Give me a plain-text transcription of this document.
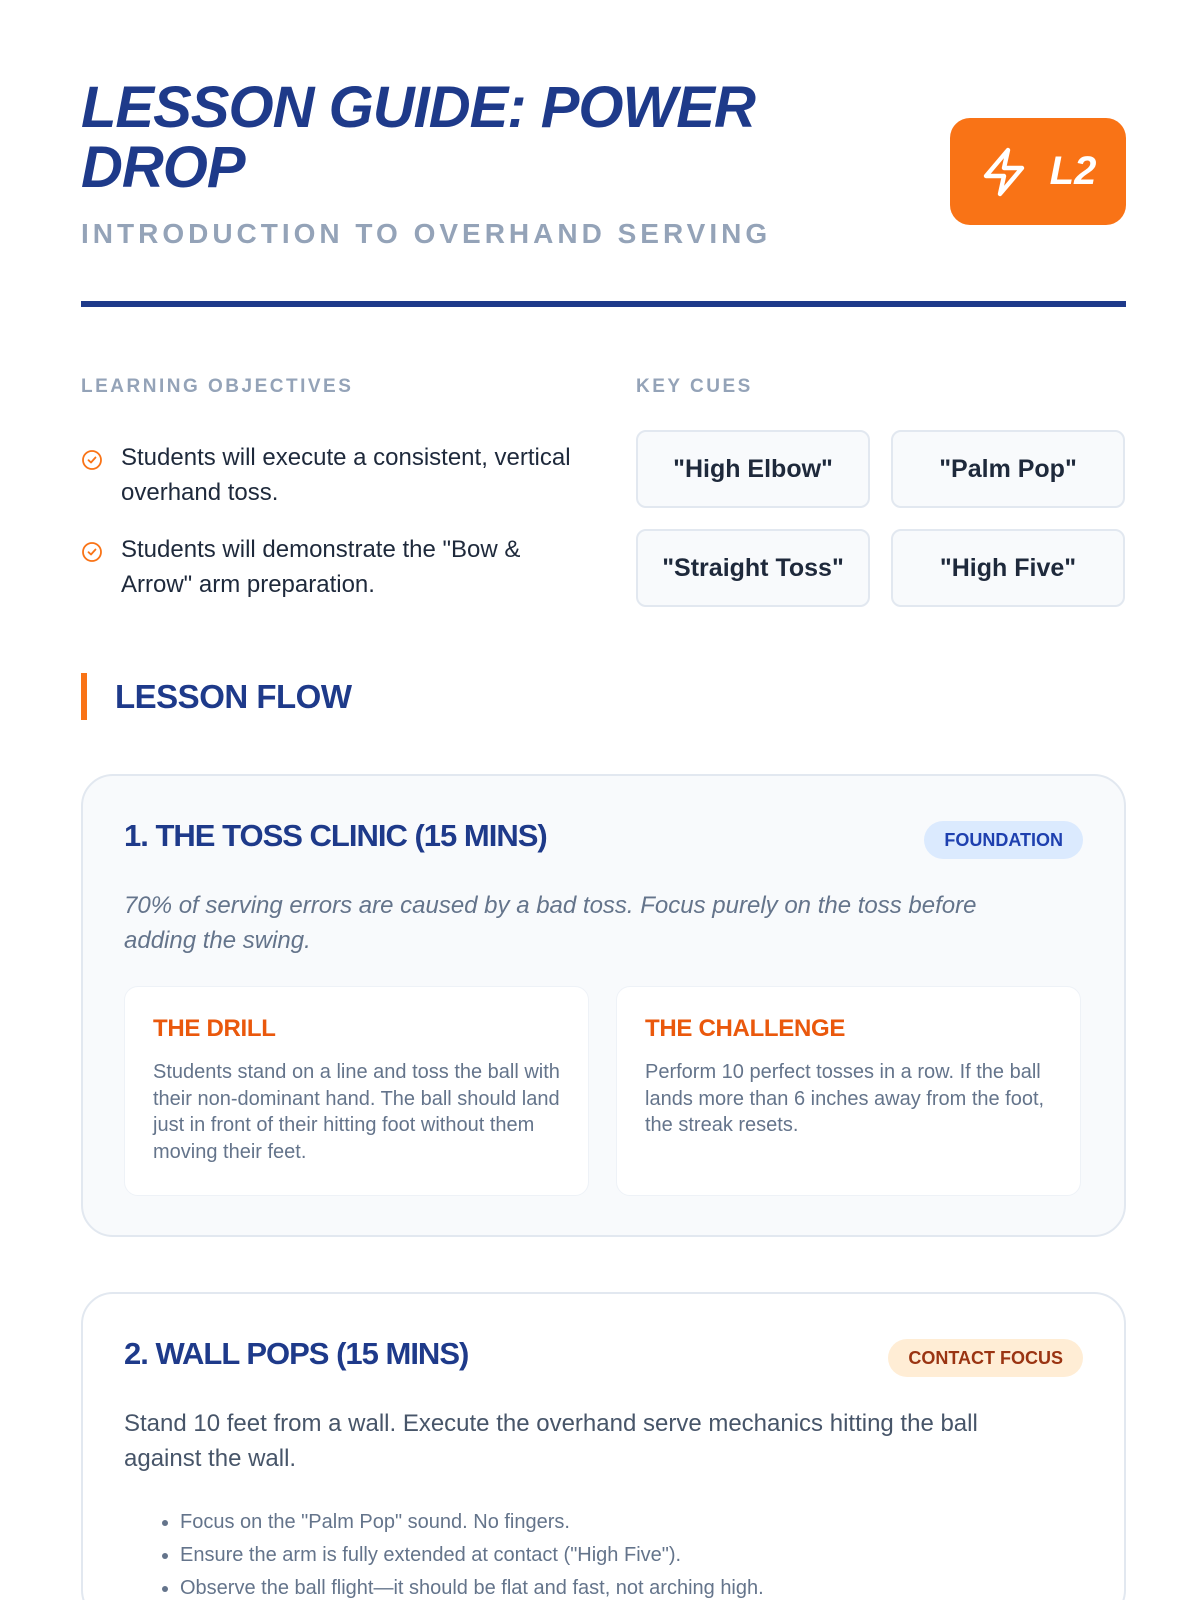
LESSON GUIDE: POWER DROP
INTRODUCTION TO OVERHAND SERVING
L2
LEARNING OBJECTIVES
Students will execute a consistent, vertical overhand toss.
Students will demonstrate the "Bow & Arrow" arm preparation.
KEY CUES
"High Elbow"	"Palm Pop"
"Straight Toss"	"High Five"
LESSON FLOW
1. THE TOSS CLINIC (15 MINS)	FOUNDATION

70% of serving errors are caused by a bad toss. Focus purely on the toss before adding the swing.

THE DRILL

Students stand on a line and toss the ball with their non-dominant hand. The ball should land just in front of their hitting foot without them moving their feet.

THE CHALLENGE

Perform 10 perfect tosses in a row. If the ball lands more than 6 inches away from the foot, the streak resets.

2. WALL POPS (15 MINS)	CONTACT FOCUS

Stand 10 feet from a wall. Execute the overhand serve mechanics hitting the ball against the wall.

• Focus on the "Palm Pop" sound. No fingers.
• Ensure the arm is fully extended at contact ("High Five").
• Observe the ball flight—it should be flat and fast, not arching high.
